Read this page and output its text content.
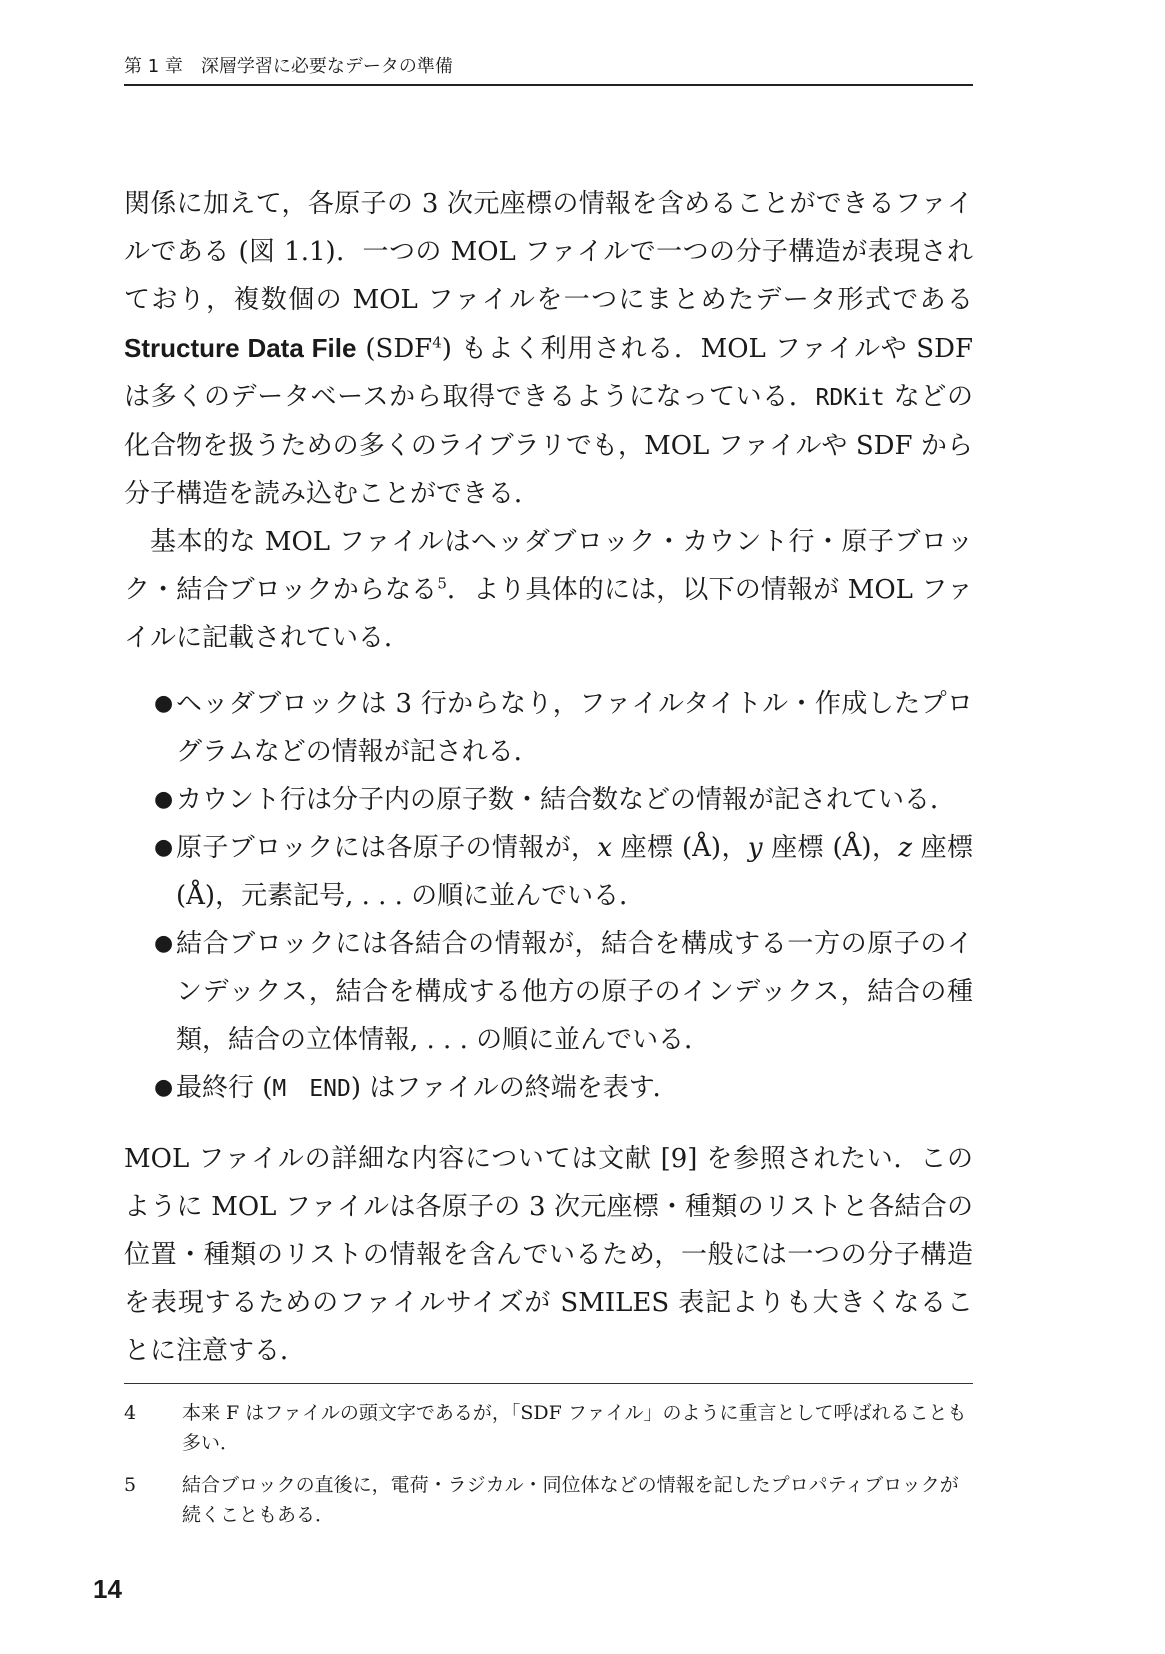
第 1 章　深層学習に必要なデータの準備

関係に加えて，各原子の 3 次元座標の情報を含めることができるファイルである (図 1.1)．一つの MOL ファイルで一つの分子構造が表現されており，複数個の MOL ファイルを一つにまとめたデータ形式である Structure Data File (SDF$^4$) もよく利用される．MOL ファイルや SDF は多くのデータベースから取得できるようになっている．RDKit などの化合物を扱うための多くのライブラリでも，MOL ファイルや SDF から分子構造を読み込むことができる．

基本的な MOL ファイルはヘッダブロック・カウント行・原子ブロック・結合ブロックからなる$^5$．より具体的には，以下の情報が MOL ファイルに記載されている．

● ヘッダブロックは 3 行からなり，ファイルタイトル・作成したプログラムなどの情報が記される．
● カウント行は分子内の原子数・結合数などの情報が記されている．
● 原子ブロックには各原子の情報が，x 座標 (Å)，y 座標 (Å)，z 座標 (Å)，元素記号, . . . の順に並んでいる．
● 結合ブロックには各結合の情報が，結合を構成する一方の原子のインデックス，結合を構成する他方の原子のインデックス，結合の種類，結合の立体情報, . . . の順に並んでいる．
● 最終行 (M　END) はファイルの終端を表す．

MOL ファイルの詳細な内容については文献 [9] を参照されたい．このように MOL ファイルは各原子の 3 次元座標・種類のリストと各結合の位置・種類のリストの情報を含んでいるため，一般には一つの分子構造を表現するためのファイルサイズが SMILES 表記よりも大きくなることに注意する．

4	本来 F はファイルの頭文字であるが，「SDF ファイル」のように重言として呼ばれることも多い．
5	結合ブロックの直後に，電荷・ラジカル・同位体などの情報を記したプロパティブロックが続くこともある．
14
